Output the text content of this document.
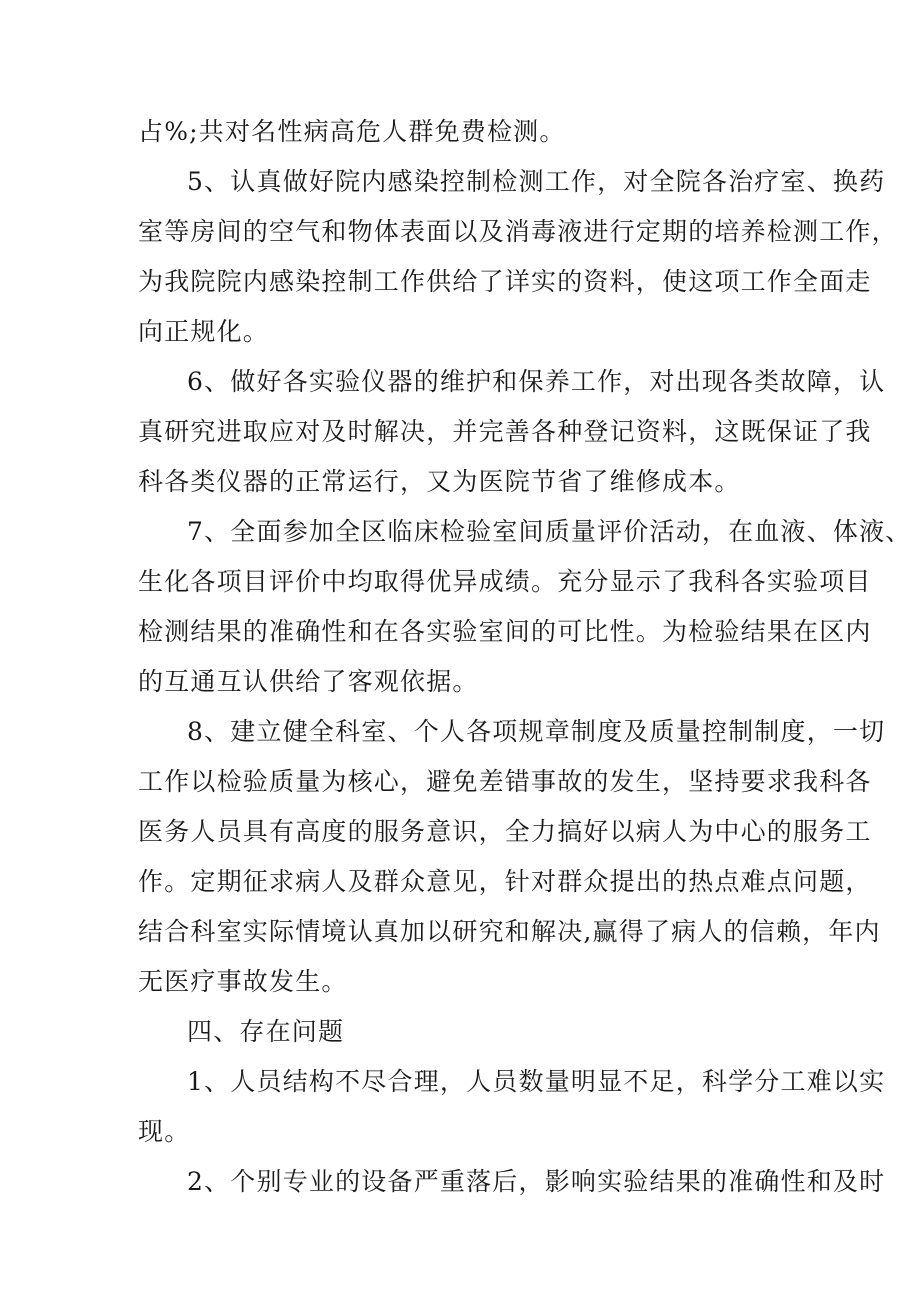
占%;共对名性病高危人群免费检测。
5、认真做好院内感染控制检测工作，对全院各治疗室、换药
室等房间的空气和物体表面以及消毒液进行定期的培养检测工作，
为我院院内感染控制工作供给了详实的资料，使这项工作全面走
向正规化。
6、做好各实验仪器的维护和保养工作，对出现各类故障，认
真研究进取应对及时解决，并完善各种登记资料，这既保证了我
科各类仪器的正常运行，又为医院节省了维修成本。
7、全面参加全区临床检验室间质量评价活动，在血液、体液、
生化各项目评价中均取得优异成绩。充分显示了我科各实验项目
检测结果的准确性和在各实验室间的可比性。为检验结果在区内
的互通互认供给了客观依据。
8、建立健全科室、个人各项规章制度及质量控制制度，一切
工作以检验质量为核心，避免差错事故的发生，坚持要求我科各
医务人员具有高度的服务意识，全力搞好以病人为中心的服务工
作。定期征求病人及群众意见，针对群众提出的热点难点问题，
结合科室实际情境认真加以研究和解决,赢得了病人的信赖，年内
无医疗事故发生。
四、存在问题
1、人员结构不尽合理，人员数量明显不足，科学分工难以实
现。
2、个别专业的设备严重落后，影响实验结果的准确性和及时
